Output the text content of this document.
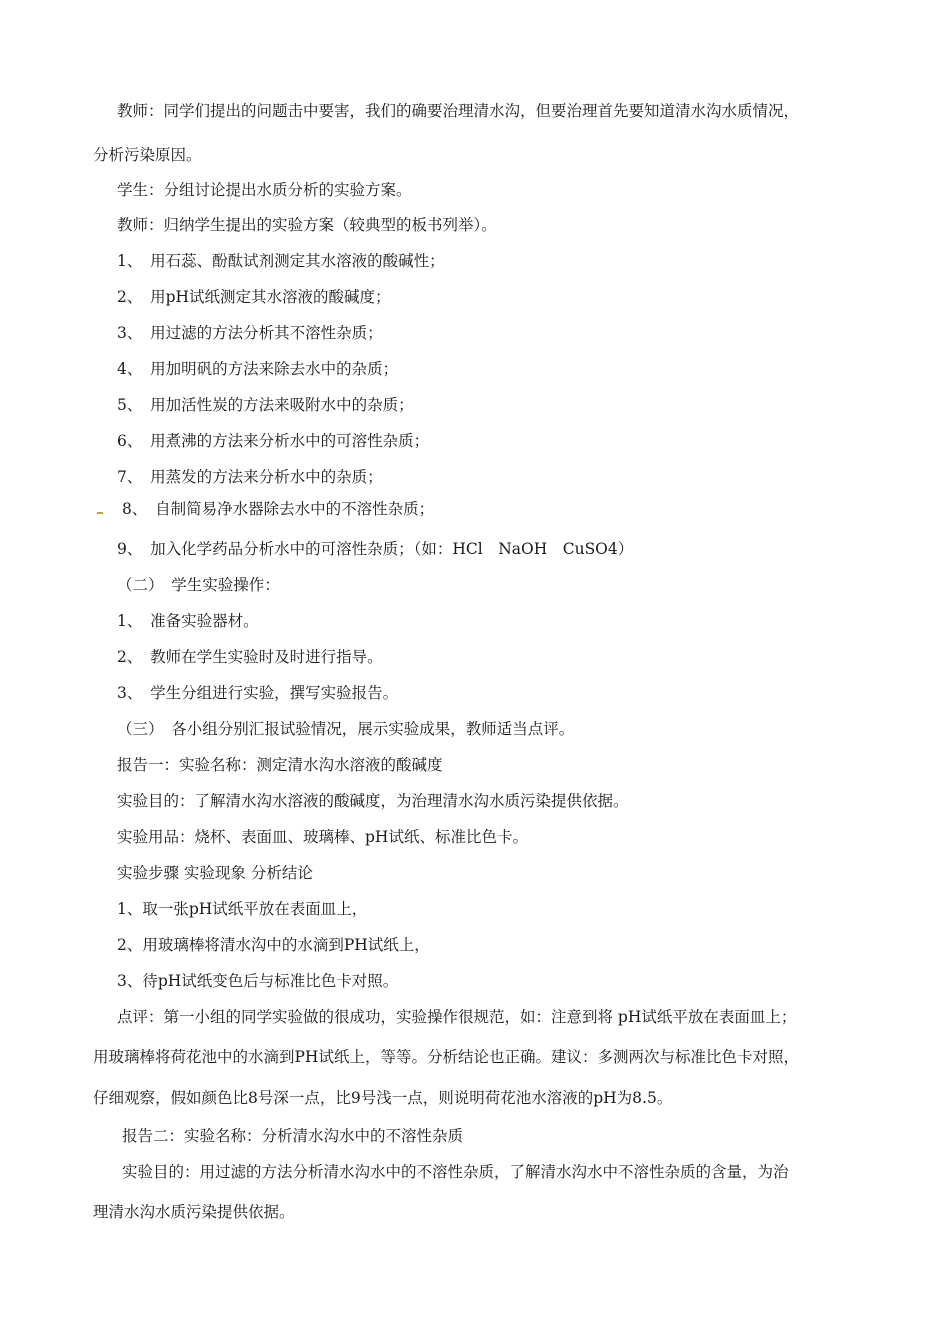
教师：同学们提出的问题击中要害，我们的确要治理清水沟，但要治理首先要知道清水沟水质情况，
分析污染原因。
学生：分组讨论提出水质分析的实验方案。
教师：归纳学生提出的实验方案（较典型的板书列举）。
1、　用石蕊、酚酞试剂测定其水溶液的酸碱性；
2、　用pH试纸测定其水溶液的酸碱度；
3、　用过滤的方法分析其不溶性杂质；
4、　用加明矾的方法来除去水中的杂质；
5、　用加活性炭的方法来吸附水中的杂质；
6、　用煮沸的方法来分析水中的可溶性杂质；
7、　用蒸发的方法来分析水中的杂质；
8、　自制简易净水器除去水中的不溶性杂质；
9、　加入化学药品分析水中的可溶性杂质；（如：HCl　NaOH　CuSO4）
（二）　学生实验操作：
1、　准备实验器材。
2、　教师在学生实验时及时进行指导。
3、　学生分组进行实验，撰写实验报告。
（三）　各小组分别汇报试验情况，展示实验成果，教师适当点评。
报告一：实验名称：测定清水沟水溶液的酸碱度
实验目的：了解清水沟水溶液的酸碱度，为治理清水沟水质污染提供依据。
实验用品：烧杯、表面皿、玻璃棒、pH试纸、标准比色卡。
实验步骤 实验现象 分析结论
1、取一张pH试纸平放在表面皿上，
2、用玻璃棒将清水沟中的水滴到PH试纸上，
3、待pH试纸变色后与标准比色卡对照。
点评：第一小组的同学实验做的很成功，实验操作很规范，如：注意到将 pH试纸平放在表面皿上；
用玻璃棒将荷花池中的水滴到PH试纸上，等等。分析结论也正确。建议：多测两次与标准比色卡对照，
仔细观察，假如颜色比8号深一点，比9号浅一点，则说明荷花池水溶液的pH为8.5。
报告二：实验名称：分析清水沟水中的不溶性杂质
实验目的：用过滤的方法分析清水沟水中的不溶性杂质，了解清水沟水中不溶性杂质的含量，为治
理清水沟水质污染提供依据。
